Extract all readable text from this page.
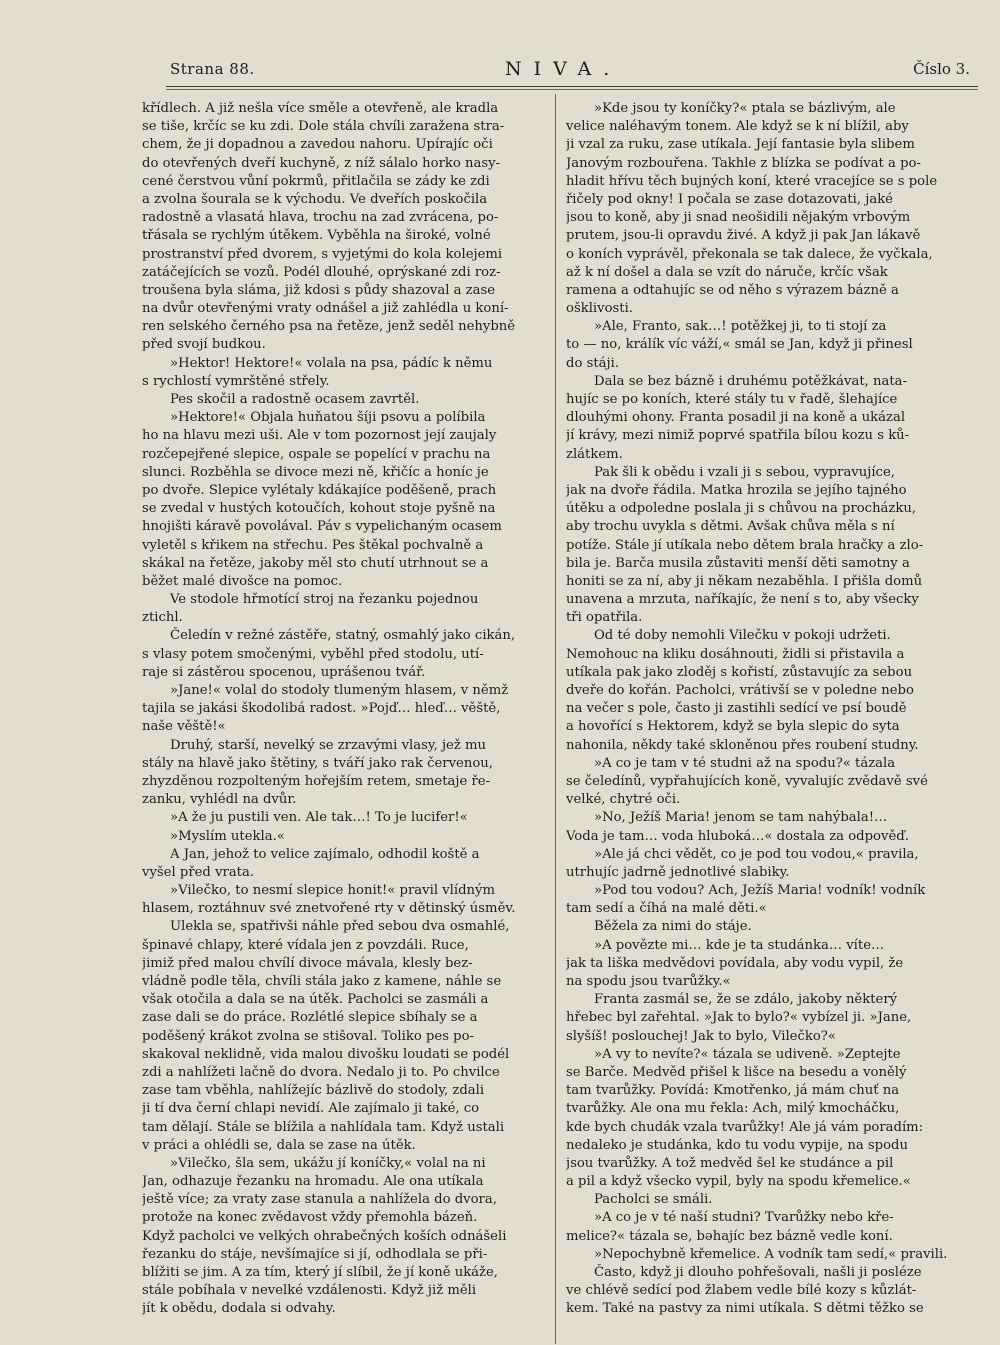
Strana 88.	NIVA.	Číslo 3.
křídlech. A již nešla více směle a otevřeně, ale kradla
se tiše, krčíc se ku zdi. Dole stála chvíli zaražena stra-
chem, že ji dopadnou a zavedou nahoru. Upírajíc oči
do otevřených dveří kuchyně, z níž sálalo horko nasy-
cené čerstvou vůní pokrmů, přitlačila se zády ke zdi
a zvolna šourala se k východu. Ve dveřích poskočila
radostně a vlasatá hlava, trochu na zad zvrácena, po-
třásala se rychlým útěkem. Vyběhla na široké, volné
prostranství před dvorem, s vyjetými do kola kolejemi
zatáčejících se vozů. Podél dlouhé, oprýskané zdi roz-
troušena byla sláma, již kdosi s půdy shazoval a zase
na dvůr otevřenými vraty odnášel a již zahlédla u koní-
ren selského černého psa na řetěze, jenž seděl nehybně
před svojí budkou.
»Hektor! Hektore!« volala na psa, pádíc k němu
s rychlostí vymrštěné střely.
Pes skočil a radostně ocasem zavrtěl.
»Hektore!« Objala huňatou šíji psovu a políbila
ho na hlavu mezi uši. Ale v tom pozornost její zaujaly
rozčepejřené slepice, ospale se popelící v prachu na
slunci. Rozběhla se divoce mezi ně, křičíc a honíc je
po dvoře. Slepice vylétaly kdákajíce poděšeně, prach
se zvedal v hustých kotoučích, kohout stoje pyšně na
hnojišti káravě povolával. Páv s vypelichaným ocasem
vyletěl s křikem na střechu. Pes štěkal pochvalně a
skákal na řetěze, jakoby měl sto chutí utrhnout se a
běžet malé divošce na pomoc.
Ve stodole hřmotící stroj na řezanku pojednou
ztichl.
Čeledín v režné zástěře, statný, osmahlý jako cikán,
s vlasy potem smočenými, vyběhl před stodolu, utí-
raje si zástěrou spocenou, uprášenou tvář.
»Jane!« volal do stodoly tlumeným hlasem, v němž
tajila se jakási škodolibá radost. »Pojď… hleď… věště,
naše věště!«
Druhý, starší, nevelký se zrzavými vlasy, jež mu
stály na hlavě jako štětiny, s tváří jako rak červenou,
zhyzděnou rozpolteným hořejším retem, smetaje ře-
zanku, vyhlédl na dvůr.
»A že ju pustili ven. Ale tak…! To je lucifer!«
»Myslím utekla.«
A Jan, jehož to velice zajímalo, odhodil koště a
vyšel před vrata.
»Vilečko, to nesmí slepice honit!« pravil vlídným
hlasem, roztáhnuv své znetvořené rty v dětinský úsměv.
Ulekla se, spatřivši náhle před sebou dva osmahlé,
špinavé chlapy, které vídala jen z povzdáli. Ruce,
jimiž před malou chvílí divoce mávala, klesly bez-
vládně podle těla, chvíli stála jako z kamene, náhle se
však otočila a dala se na útěk. Pacholci se zasmáli a
zase dali se do práce. Rozlétlé slepice sbíhaly se a
poděšený krákot zvolna se stišoval. Toliko pes po-
skakoval neklidně, vida malou divošku loudati se podél
zdi a nahlížeti lačně do dvora. Nedalo ji to. Po chvilce
zase tam vběhla, nahlížejíc bázlivě do stodoly, zdali
ji tí dva černí chlapi nevidí. Ale zajímalo ji také, co
tam dělají. Stále se blížila a nahlídala tam. Když ustali
v práci a ohlédli se, dala se zase na útěk.
»Vilečko, šla sem, ukážu jí koníčky,« volal na ni
Jan, odhazuje řezanku na hromadu. Ale ona utíkala
ještě více; za vraty zase stanula a nahlížela do dvora,
protože na konec zvědavost vždy přemohla bázeň.
Když pacholci ve velkých ohrabečných koších odnášeli
řezanku do stáje, nevšímajíce si jí, odhodlala se při-
blížiti se jim. A za tím, který jí slíbil, že jí koně ukáže,
stále pobíhala v nevelké vzdálenosti. Když již měli
jít k obědu, dodala si odvahy.
»Kde jsou ty koníčky?« ptala se bázlivým, ale
velice naléhavým tonem. Ale když se k ní blížil, aby
ji vzal za ruku, zase utíkala. Její fantasie byla slibem
Janovým rozbouřena. Takhle z blízka se podívat a po-
hladit hřívu těch bujných koní, které vracejíce se s pole
řičely pod okny! I počala se zase dotazovati, jaké
jsou to koně, aby ji snad neošidili nějakým vrbovým
prutem, jsou-li opravdu živé. A když ji pak Jan lákavě
o koních vyprávěl, překonala se tak dalece, že vyčkala,
až k ní došel a dala se vzít do náruče, krčíc však
ramena a odtahujíc se od něho s výrazem bázně a
ošklivosti.
»Ale, Franto, sak…! potěžkej ji, to ti stojí za
to — no, králík víc váží,« smál se Jan, když ji přinesl
do stáji.
Dala se bez bázně i druhému potěžkávat, nata-
hujíc se po koních, které stály tu v řadě, šlehajíce
dlouhými ohony. Franta posadil ji na koně a ukázal
jí krávy, mezi nimiž poprvé spatřila bílou kozu s ků-
zlátkem.
Pak šli k obědu i vzali ji s sebou, vypravujíce,
jak na dvoře řádila. Matka hrozila se jejího tajného
útěku a odpoledne poslala ji s chůvou na procházku,
aby trochu uvykla s dětmi. Avšak chůva měla s ní
potíže. Stále jí utíkala nebo dětem brala hračky a zlo-
bila je. Barča musila zůstaviti menší děti samotny a
honiti se za ní, aby ji někam nezaběhla. I přišla domů
unavena a mrzuta, naříkajíc, že není s to, aby všecky
tři opatřila.
Od té doby nemohli Vilečku v pokoji udržeti.
Nemohouc na kliku dosáhnouti, židli si přistavila a
utíkala pak jako zloděj s kořistí, zůstavujíc za sebou
dveře do kořán. Pacholci, vrátivší se v poledne nebo
na večer s pole, často ji zastihli sedící ve psí boudě
a hovořící s Hektorem, když se byla slepic do syta
nahonila, někdy také skloněnou přes roubení studny.
»A co je tam v té studni až na spodu?« tázala
se čeledínů, vypřahujících koně, vyvalujíc zvědavě své
velké, chytré oči.
»No, Ježíš Maria! jenom se tam nahýbala!…
Voda je tam… voda hluboká…« dostala za odpověď.
»Ale já chci vědět, co je pod tou vodou,« pravila,
utrhujíc jadrně jednotlivé slabiky.
»Pod tou vodou? Ach, Ježíš Maria! vodník! vodník
tam sedí a číhá na malé děti.«
Běžela za nimi do stáje.
»A povězte mi… kde je ta studánka… víte…
jak ta liška medvědovi povídala, aby vodu vypil, že
na spodu jsou tvarůžky.«
Franta zasmál se, že se zdálo, jakoby některý
hřebec byl zařehtal. »Jak to bylo?« vybízel ji. »Jane,
slyšíš! poslouchej! Jak to bylo, Vilečko?«
»A vy to nevíte?« tázala se udiveně. »Zeptejte
se Barče. Medvěd přišel k lišce na besedu a vonělý
tam tvarůžky. Povídá: Kmotřenko, já mám chuť na
tvarůžky. Ale ona mu řekla: Ach, milý kmocháčku,
kde bych chudák vzala tvarůžky! Ale já vám poradím:
nedaleko je studánka, kdo tu vodu vypije, na spodu
jsou tvarůžky. A tož medvěd šel ke studánce a pil
a pil a když všecko vypil, byly na spodu křemelice.«
Pacholci se smáli.
»A co je v té naší studni? Tvarůžky nebo kře-
melice?« tázala se, bəhajíc bez bázně vedle koní.
»Nepochybně křemelice. A vodník tam sedí,« pravili.
Často, když ji dlouho pohřešovali, našli ji posléze
ve chlévě sedící pod žlabem vedle bílé kozy s kůzlát-
kem. Také na pastvy za nimi utíkala. S dětmi těžko se
